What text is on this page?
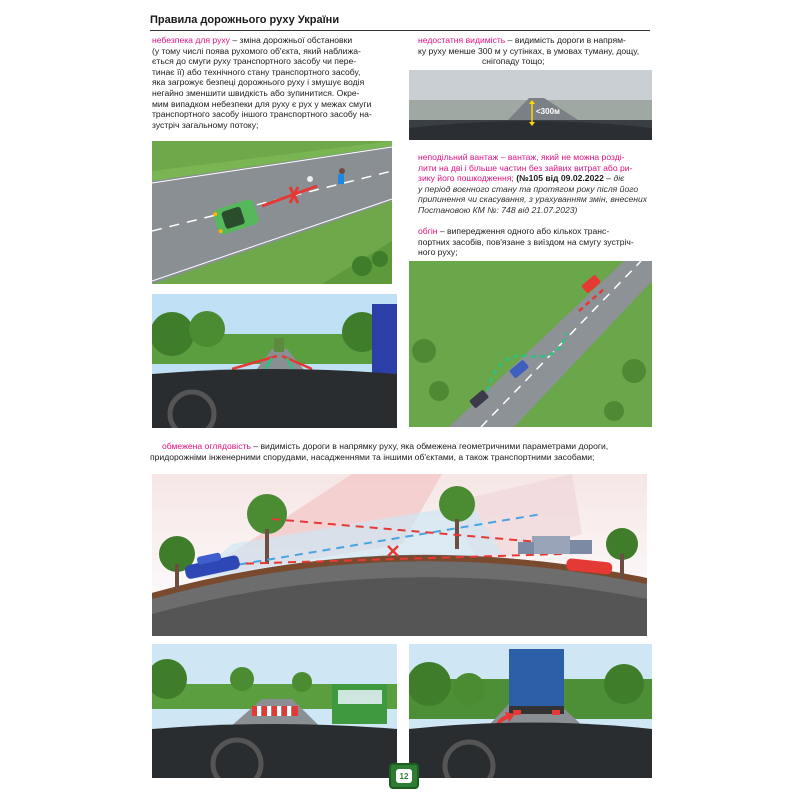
Правила дорожнього руху України
небезпека для руху – зміна дорожньої обстановки
(у тому числі поява рухомого об'єкта, який наближа-
ється до смуги руху транспортного засобу чи пере-
тинає її) або технічного стану транспортного засобу,
яка загрожує безпеці дорожнього руху і змушує водія
негайно зменшити швидкість або зупинитися. Окре-
мим випадком небезпеки для руху є рух у межах смуги
транспортного засобу іншого транспортного засобу на-
зустріч загальному потоку;
<300м
недостатня видимість – видимість дороги в напрям-
ку руху менше 300 м у сутінках, в умовах туману, дощу,
снігопаду тощо;
неподільний вантаж – вантаж, який не можна розді-
лити на дві і більше частин без зайвих витрат або ри-
зику його пошкодження; (№105 від 09.02.2022 – діє
у період воєнного стану та протягом року після його
припинення чи скасування, з урахуванням змін, внесених
Постановою КМ №: 748 від 21.07.2023)
обгін – випередження одного або кількох транс-
портних засобів, пов'язане з виїздом на смугу зустріч-
ного руху;
обмежена оглядовість – видимість дороги в напрямку руху, яка обмежена геометричними параметрами дороги,
придорожніми інженерними спорудами, насадженнями та іншими об'єктами, а також транспортними засобами;
12
